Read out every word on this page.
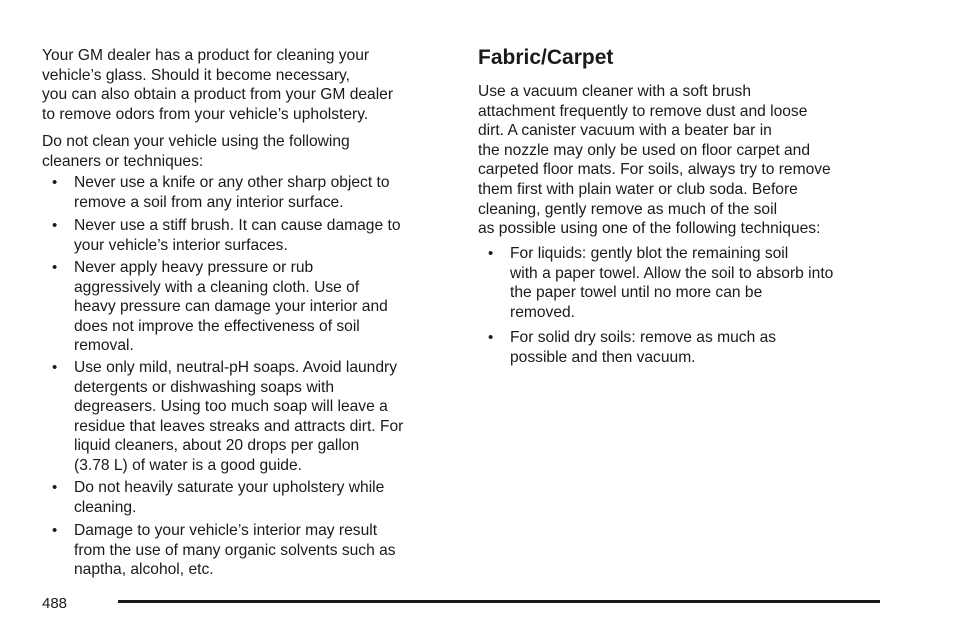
Your GM dealer has a product for cleaning your
vehicle’s glass. Should it become necessary,
you can also obtain a product from your GM dealer
to remove odors from your vehicle’s upholstery.
Do not clean your vehicle using the following
cleaners or techniques:
• Never use a knife or any other sharp object to
remove a soil from any interior surface.
• Never use a stiff brush. It can cause damage to
your vehicle’s interior surfaces.
• Never apply heavy pressure or rub
aggressively with a cleaning cloth. Use of
heavy pressure can damage your interior and
does not improve the effectiveness of soil
removal.
• Use only mild, neutral-pH soaps. Avoid laundry
detergents or dishwashing soaps with
degreasers. Using too much soap will leave a
residue that leaves streaks and attracts dirt. For
liquid cleaners, about 20 drops per gallon
(3.78 L) of water is a good guide.
• Do not heavily saturate your upholstery while
cleaning.
• Damage to your vehicle’s interior may result
from the use of many organic solvents such as
naptha, alcohol, etc.
Fabric/Carpet
Use a vacuum cleaner with a soft brush
attachment frequently to remove dust and loose
dirt. A canister vacuum with a beater bar in
the nozzle may only be used on floor carpet and
carpeted floor mats. For soils, always try to remove
them first with plain water or club soda. Before
cleaning, gently remove as much of the soil
as possible using one of the following techniques:
• For liquids: gently blot the remaining soil
with a paper towel. Allow the soil to absorb into
the paper towel until no more can be
removed.
• For solid dry soils: remove as much as
possible and then vacuum.
488
